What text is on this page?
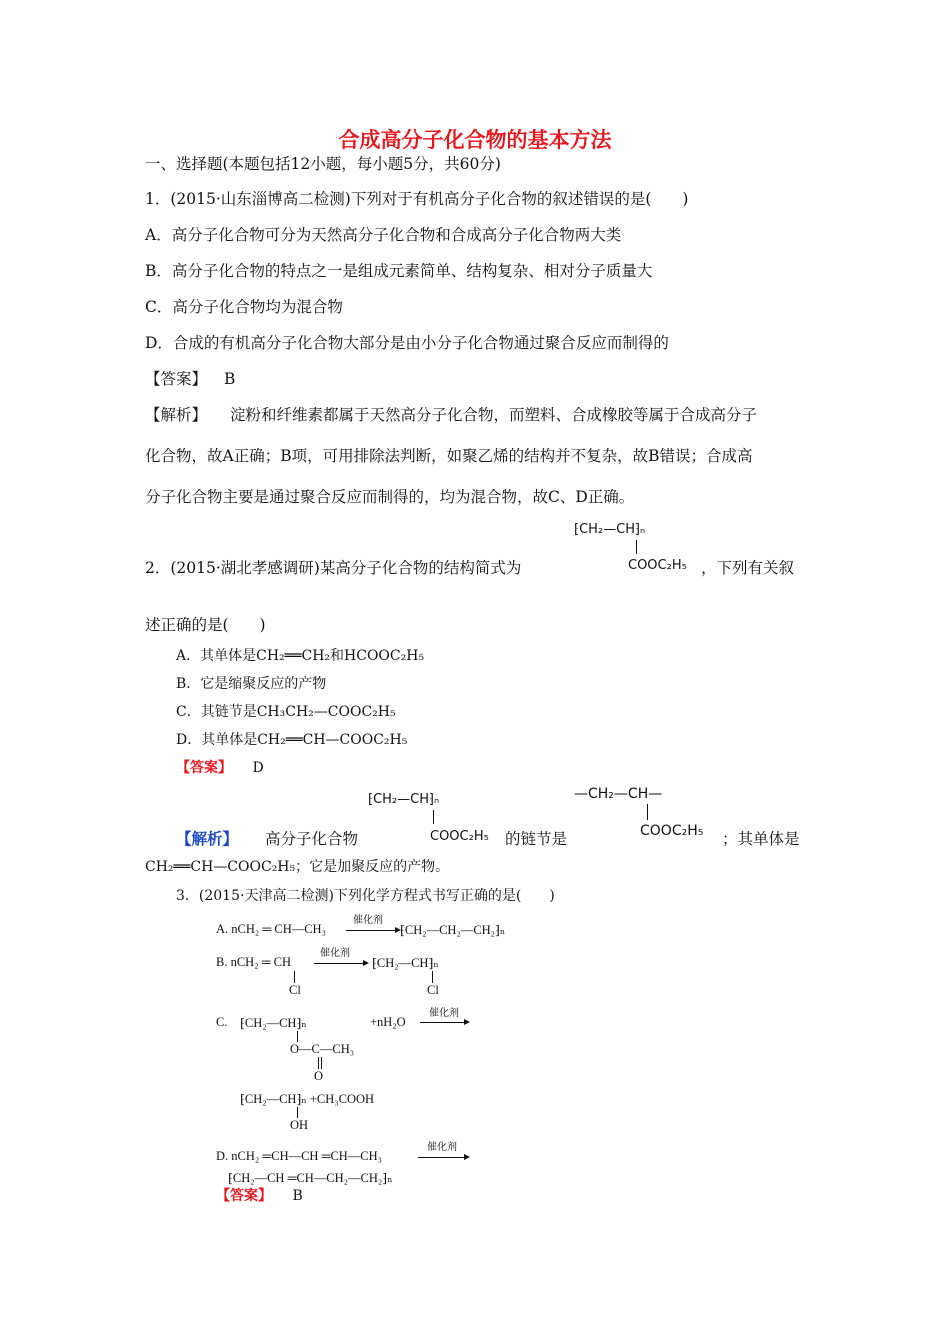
合成高分子化合物的基本方法
一、选择题(本题包括12小题，每小题5分，共60分)
1．(2015·山东淄博高二检测)下列对于有机高分子化合物的叙述错误的是(　　)
A．高分子化合物可分为天然高分子化合物和合成高分子化合物两大类
B．高分子化合物的特点之一是组成元素简单、结构复杂、相对分子质量大
C．高分子化合物均为混合物
D．合成的有机高分子化合物大部分是由小分子化合物通过聚合反应而制得的
【答案】 B
【解析】 淀粉和纤维素都属于天然高分子化合物，而塑料、合成橡胶等属于合成高分子
化合物，故A正确；B项，可用排除法判断，如聚乙烯的结构并不复杂，故B错误；合成高
分子化合物主要是通过聚合反应而制得的，均为混合物，故C、D正确。
⁅CH₂—CH⁆ₙ
2．(2015·湖北孝感调研)某高分子化合物的结构简式为	COOC₂H₅ ，下列有关叙
述正确的是(　　)
A．其单体是CH₂══CH₂和HCOOC₂H₅
B．它是缩聚反应的产物
C．其链节是CH₃CH₂—COOC₂H₅
D．其单体是CH₂══CH—COOC₂H₅
【答案】 D
⁅CH₂—CH⁆ₙ	—CH₂—CH—
【解析】 高分子化合物	COOC₂H₅ 的链节是	COOC₂H₅ ；其单体是
CH₂══CH—COOC₂H₅；它是加聚反应的产物。
3．(2015·天津高二检测)下列化学方程式书写正确的是(　　)
A. nCH₂ ═ CH—CH₃
催化剂
⁅CH₂—CH₂—CH₂⁆ₙ
B. nCH₂ ═ CH
Cl
催化剂
⁅CH₂—CH⁆ₙ
Cl
C. ⁅CH₂—CH⁆ₙ
O—C—CH₃
O
+nH₂O
催化剂
⁅CH₂—CH⁆ₙ +CH₃COOH
OH
D. nCH₂ ═CH—CH ═CH—CH₃
催化剂
⁅CH₂—CH ═CH—CH₂—CH₂⁆ₙ
【答案】 B
